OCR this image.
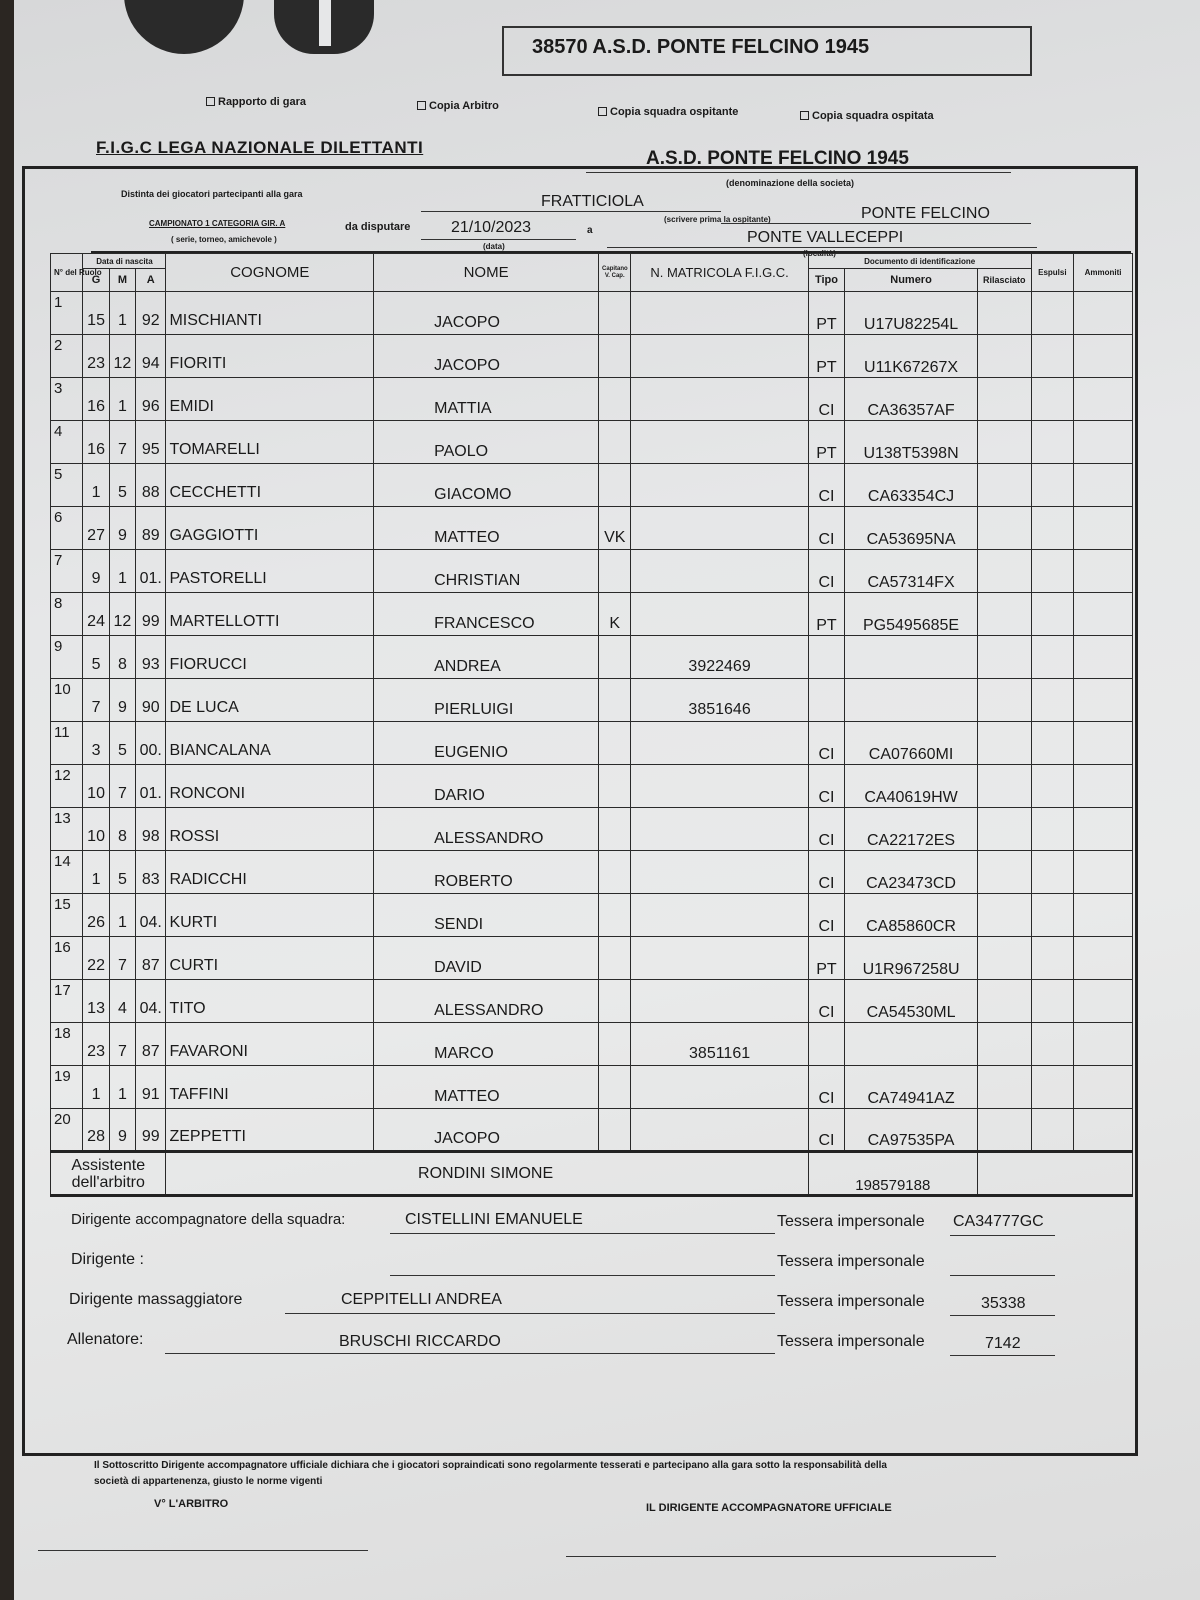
38570 A.S.D. PONTE FELCINO 1945
Rapporto di gara	Copia Arbitro	Copia squadra ospitante	Copia squadra ospitata
F.I.G.C LEGA NAZIONALE DILETTANTI
A.S.D. PONTE FELCINO 1945
(denominazione della societa)
Distinta dei giocatori partecipanti alla gara	FRATTICIOLA
PONTE FELCINO
(scrivere prima la ospitante)
CAMPIONATO 1 CATEGORIA GIR. A
( serie, torneo, amichevole )
da disputare	21/10/2023
(data)
a	PONTE VALLECEPPI
(località)
N° del Ruolo	Data di nascita			COGNOME	NOME	Capitano V. Cap.	N. MATRICOLA F.I.G.C.	Documento di identificazione			Espulsi	Ammoniti
	G	M	A					Tipo	Numero	Rilasciato		
1	15	1	92	MISCHIANTI	JACOPO			PT	U17U82254L			
2	23	12	94	FIORITI	JACOPO			PT	U11K67267X			
3	16	1	96	EMIDI	MATTIA			CI	CA36357AF			
4	16	7	95	TOMARELLI	PAOLO			PT	U138T5398N			
5	1	5	88	CECCHETTI	GIACOMO			CI	CA63354CJ			
6	27	9	89	GAGGIOTTI	MATTEO	VK		CI	CA53695NA			
7	9	1	01.	PASTORELLI	CHRISTIAN			CI	CA57314FX			
8	24	12	99	MARTELLOTTI	FRANCESCO	K		PT	PG5495685E			
9	5	8	93	FIORUCCI	ANDREA		3922469					
10	7	9	90	DE LUCA	PIERLUIGI		3851646					
11	3	5	00.	BIANCALANA	EUGENIO			CI	CA07660MI			
12	10	7	01.	RONCONI	DARIO			CI	CA40619HW			
13	10	8	98	ROSSI	ALESSANDRO			CI	CA22172ES			
14	1	5	83	RADICCHI	ROBERTO			CI	CA23473CD			
15	26	1	04.	KURTI	SENDI			CI	CA85860CR			
16	22	7	87	CURTI	DAVID			PT	U1R967258U			
17	13	4	04.	TITO	ALESSANDRO			CI	CA54530ML			
18	23	7	87	FAVARONI	MARCO		3851161					
19	1	1	91	TAFFINI	MATTEO			CI	CA74941AZ			
20	28	9	99	ZEPPETTI	JACOPO			CI	CA97535PA			
Assistente dell'arbitro				RONDINI SIMONE				198579188				
Dirigente accompagnatore della squadra:	CISTELLINI EMANUELE	Tessera impersonale CA34777GC
Dirigente :	Tessera impersonale
Dirigente massaggiatore	CEPPITELLI ANDREA	Tessera impersonale	35338
Allenatore:	BRUSCHI RICCARDO	Tessera impersonale	7142
Il Sottoscritto Dirigente accompagnatore ufficiale dichiara che i giocatori sopraindicati sono regolarmente tesserati e partecipano alla gara sotto la responsabilità della società di appartenenza, giusto le norme vigenti
V° L'ARBITRO	IL DIRIGENTE ACCOMPAGNATORE UFFICIALE
